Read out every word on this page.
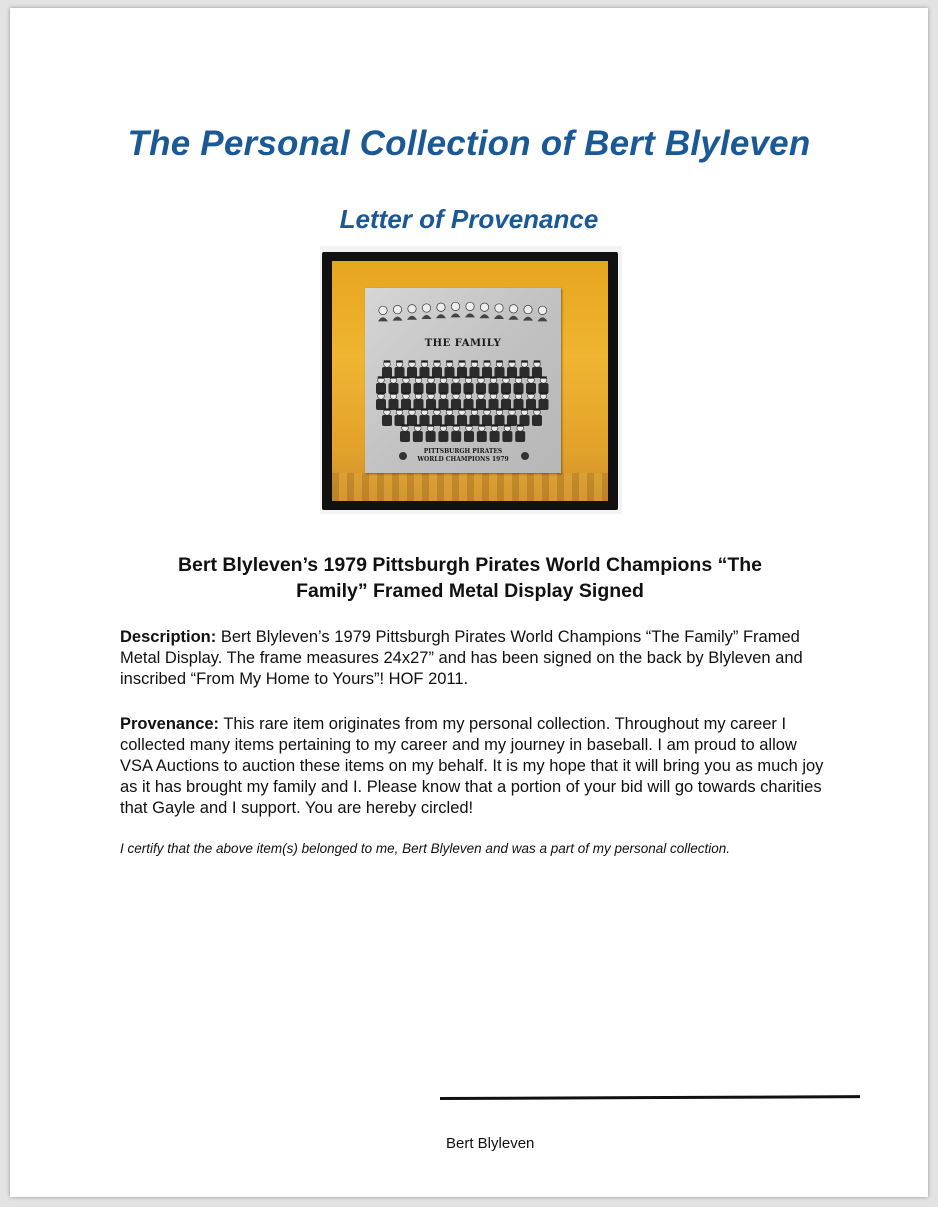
The Personal Collection of Bert Blyleven
Letter of Provenance
THE FAMILY
PITTSBURGH PIRATES
WORLD CHAMPIONS 1979
Bert Blyleven’s 1979 Pittsburgh Pirates World Champions “The Family” Framed Metal Display Signed

Description: Bert Blyleven’s 1979 Pittsburgh Pirates World Champions “The Family” Framed Metal Display. The frame measures 24x27” and has been signed on the back by Blyleven and inscribed “From My Home to Yours”! HOF 2011.

Provenance: This rare item originates from my personal collection. Throughout my career I collected many items pertaining to my career and my journey in baseball. I am proud to allow VSA Auctions to auction these items on my behalf. It is my hope that it will bring you as much joy as it has brought my family and I. Please know that a portion of your bid will go towards charities that Gayle and I support. You are hereby circled!

I certify that the above item(s) belonged to me, Bert Blyleven and was a part of my personal collection.

Bert Blyleven
